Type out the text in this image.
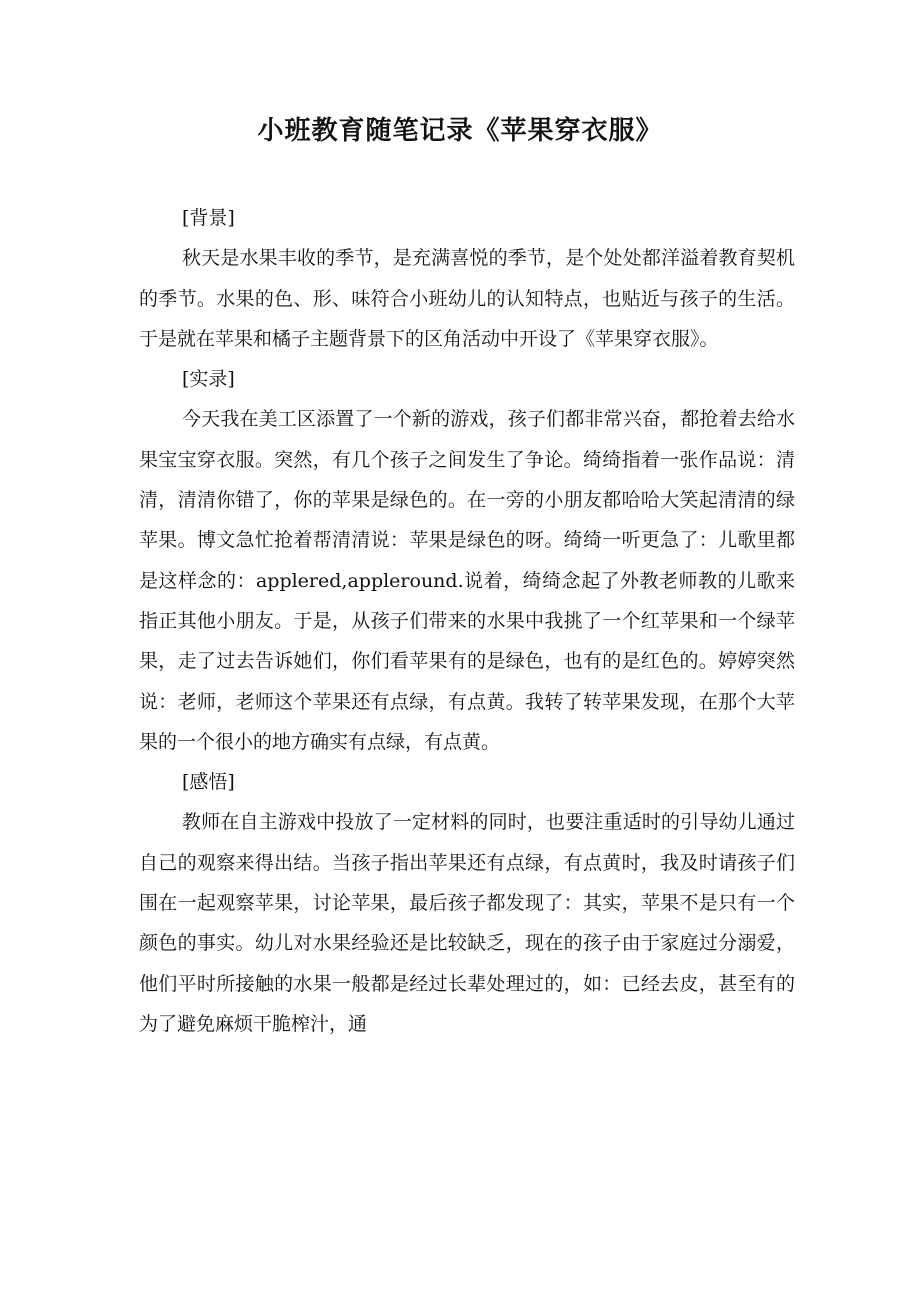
小班教育随笔记录《苹果穿衣服》

[背景]

秋天是水果丰收的季节，是充满喜悦的季节，是个处处都洋溢着教育契机的季节。水果的色、形、味符合小班幼儿的认知特点，也贴近与孩子的生活。于是就在苹果和橘子主题背景下的区角活动中开设了《苹果穿衣服》。

[实录]

今天我在美工区添置了一个新的游戏，孩子们都非常兴奋，都抢着去给水果宝宝穿衣服。突然，有几个孩子之间发生了争论。绮绮指着一张作品说：清清，清清你错了，你的苹果是绿色的。在一旁的小朋友都哈哈大笑起清清的绿苹果。博文急忙抢着帮清清说：苹果是绿色的呀。绮绮一听更急了：儿歌里都是这样念的：applered,appleround.说着，绮绮念起了外教老师教的儿歌来指正其他小朋友。于是，从孩子们带来的水果中我挑了一个红苹果和一个绿苹果，走了过去告诉她们，你们看苹果有的是绿色，也有的是红色的。婷婷突然说：老师，老师这个苹果还有点绿，有点黄。我转了转苹果发现，在那个大苹果的一个很小的地方确实有点绿，有点黄。

[感悟]

教师在自主游戏中投放了一定材料的同时，也要注重适时的引导幼儿通过自己的观察来得出结。当孩子指出苹果还有点绿，有点黄时，我及时请孩子们围在一起观察苹果，讨论苹果，最后孩子都发现了：其实，苹果不是只有一个颜色的事实。幼儿对水果经验还是比较缺乏，现在的孩子由于家庭过分溺爱，他们平时所接触的水果一般都是经过长辈处理过的，如：已经去皮，甚至有的为了避免麻烦干脆榨汁，通
